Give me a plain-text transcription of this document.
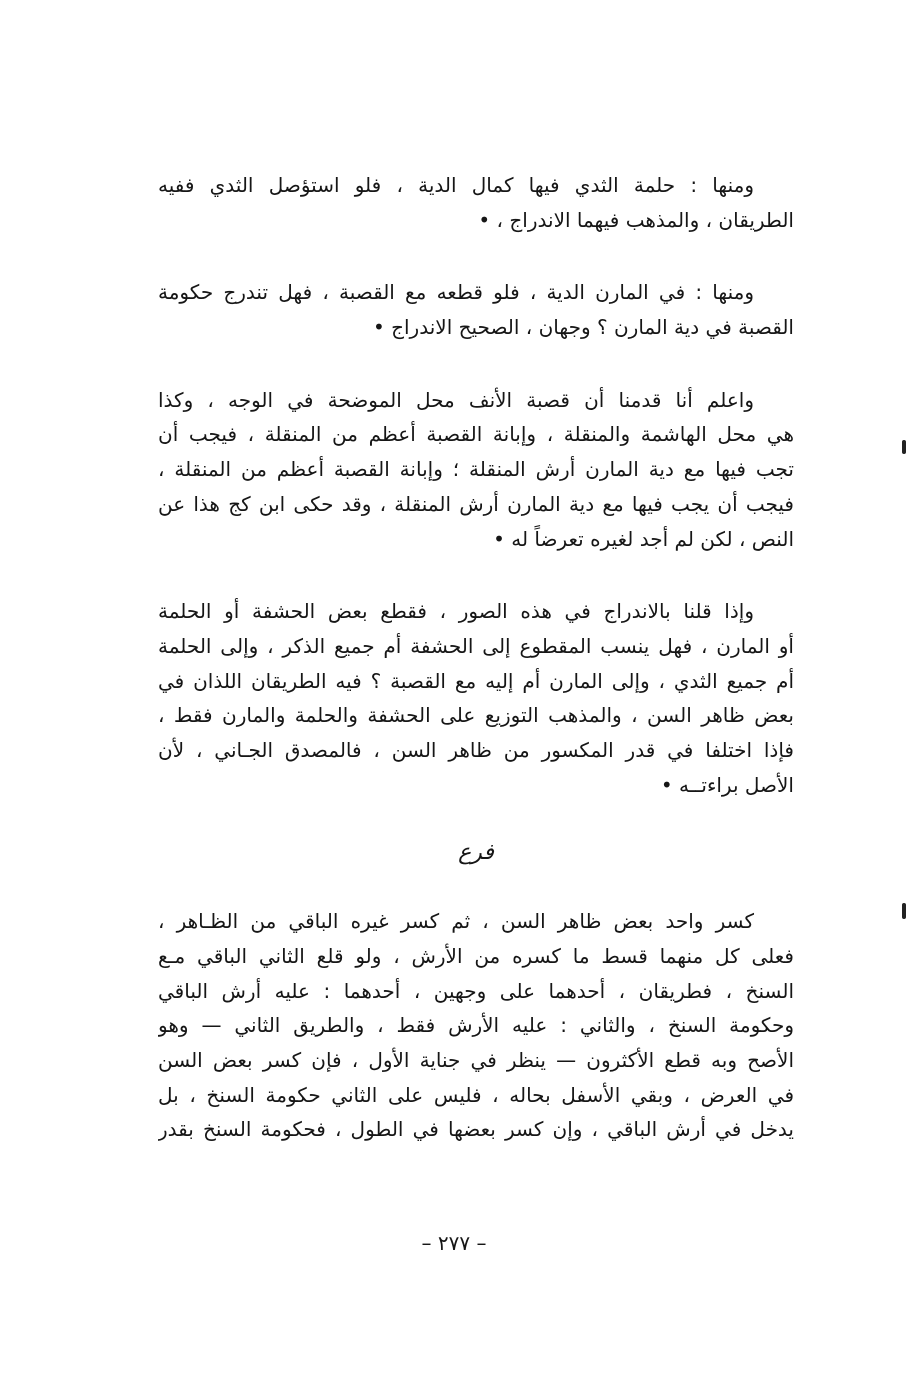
ومنها : حلمة الثدي فيها كمال الدية ، فلو استؤصل الثدي ففيه
الطريقان ، والمذهب فيهما الاندراج ، •
ومنها : في المارن الدية ، فلو قطعه مع القصبة ، فهل تندرج حكومة
القصبة في دية المارن ؟ وجهان ، الصحيح الاندراج •
واعلم أنا قدمنا أن قصبة الأنف محل الموضحة في الوجه ، وكذا
هي محل الهاشمة والمنقلة ، وإبانة القصبة أعظم من المنقلة ، فيجب أن
تجب فيها مع دية المارن أرش المنقلة ؛ وإبانة القصبة أعظم من المنقلة ،
فيجب أن يجب فيها مع دية المارن أرش المنقلة ، وقد حكى ابن كج هذا عن
النص ، لكن لم أجد لغيره تعرضاً له •
وإذا قلنا بالاندراج في هذه الصور ، فقطع بعض الحشفة أو الحلمة
أو المارن ، فهل ينسب المقطوع إلى الحشفة أم جميع الذكر ، وإلى الحلمة
أم جميع الثدي ، وإلى المارن أم إليه مع القصبة ؟ فيه الطريقان اللذان في
بعض ظاهر السن ، والمذهب التوزيع على الحشفة والحلمة والمارن فقط ،
فإذا اختلفا في قدر المكسور من ظاهر السن ، فالمصدق الجـاني ، لأن
الأصل براءتــه •
فرع
كسر واحد بعض ظاهر السن ، ثم كسر غيره الباقي من الظـاهر ،
فعلى كل منهما قسط ما كسره من الأرش ، ولو قلع الثاني الباقي مـع
السنخ ، فطريقان ، أحدهما على وجهين ، أحدهما : عليه أرش الباقي
وحكومة السنخ ، والثاني : عليه الأرش فقط ، والطريق الثاني — وهو
الأصح وبه قطع الأكثرون — ينظر في جناية الأول ، فإن كسر بعض السن
في العرض ، وبقي الأسفل بحاله ، فليس على الثاني حكومة السنخ ، بل
يدخل في أرش الباقي ، وإن كسر بعضها في الطول ، فحكومة السنخ بقدر
– ٢٧٧ –
